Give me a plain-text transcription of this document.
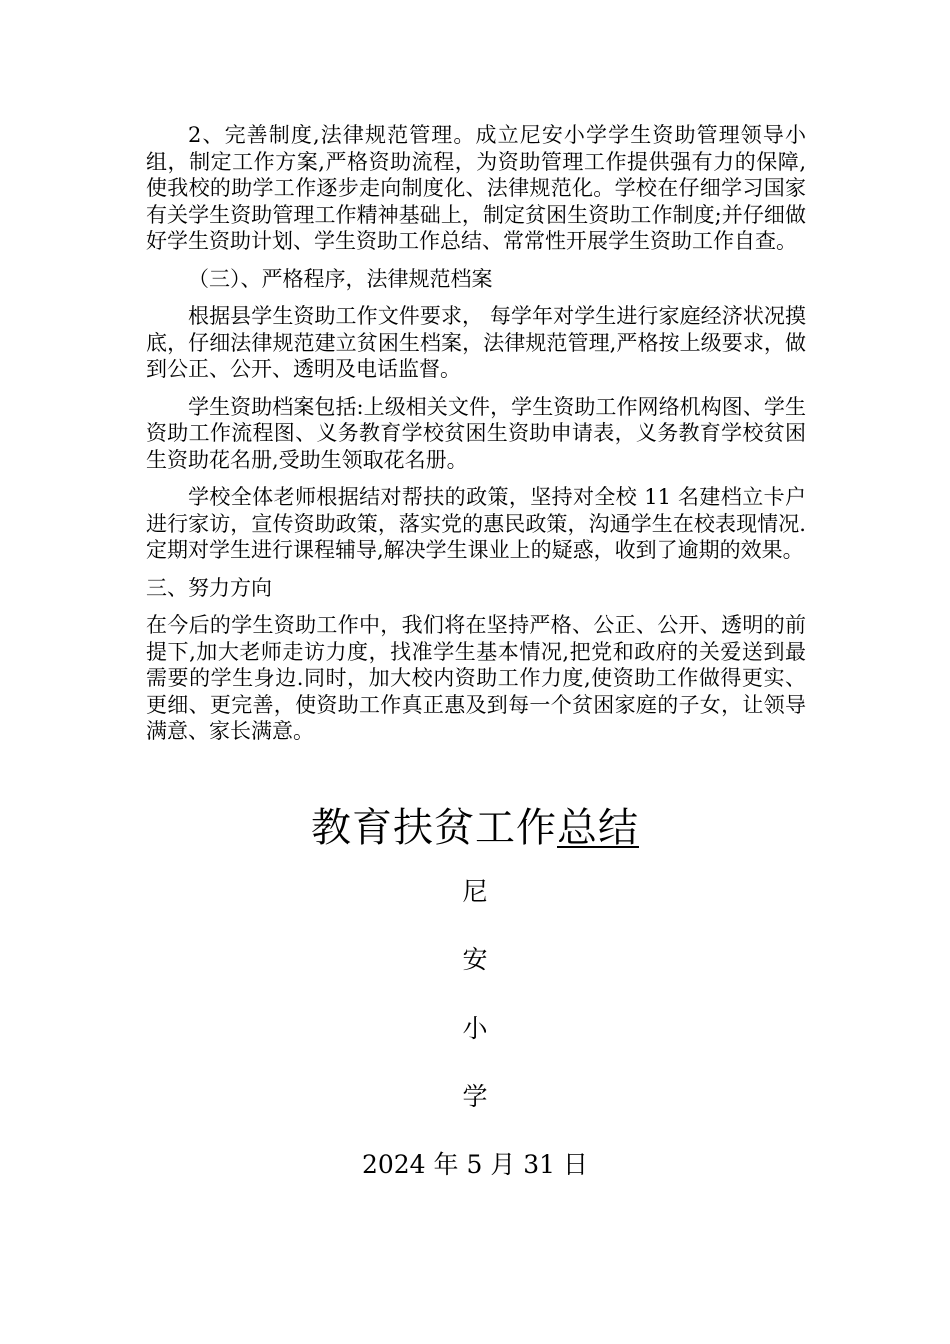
2、完善制度,法律规范管理。成立尼安小学学生资助管理领导小组，制定工作方案,严格资助流程，为资助管理工作提供强有力的保障,使我校的助学工作逐步走向制度化、法律规范化。学校在仔细学习国家有关学生资助管理工作精神基础上，制定贫困生资助工作制度;并仔细做好学生资助计划、学生资助工作总结、常常性开展学生资助工作自查。

（三）、严格程序，法律规范档案

根据县学生资助工作文件要求， 每学年对学生进行家庭经济状况摸底，仔细法律规范建立贫困生档案，法律规范管理,严格按上级要求，做到公正、公开、透明及电话监督。

学生资助档案包括:上级相关文件，学生资助工作网络机构图、学生资助工作流程图、义务教育学校贫困生资助申请表，义务教育学校贫困生资助花名册,受助生领取花名册。

学校全体老师根据结对帮扶的政策，坚持对全校 11 名建档立卡户进行家访，宣传资助政策，落实党的惠民政策，沟通学生在校表现情况.定期对学生进行课程辅导,解决学生课业上的疑惑，收到了逾期的效果。

三、努力方向

在今后的学生资助工作中，我们将在坚持严格、公正、公开、透明的前提下,加大老师走访力度，找准学生基本情况,把党和政府的关爱送到最需要的学生身边.同时，加大校内资助工作力度,使资助工作做得更实、更细、更完善，使资助工作真正惠及到每一个贫困家庭的子女，让领导满意、家长满意。

教育扶贫工作总结
尼
安
小
学
2024 年 5 月 31 日
